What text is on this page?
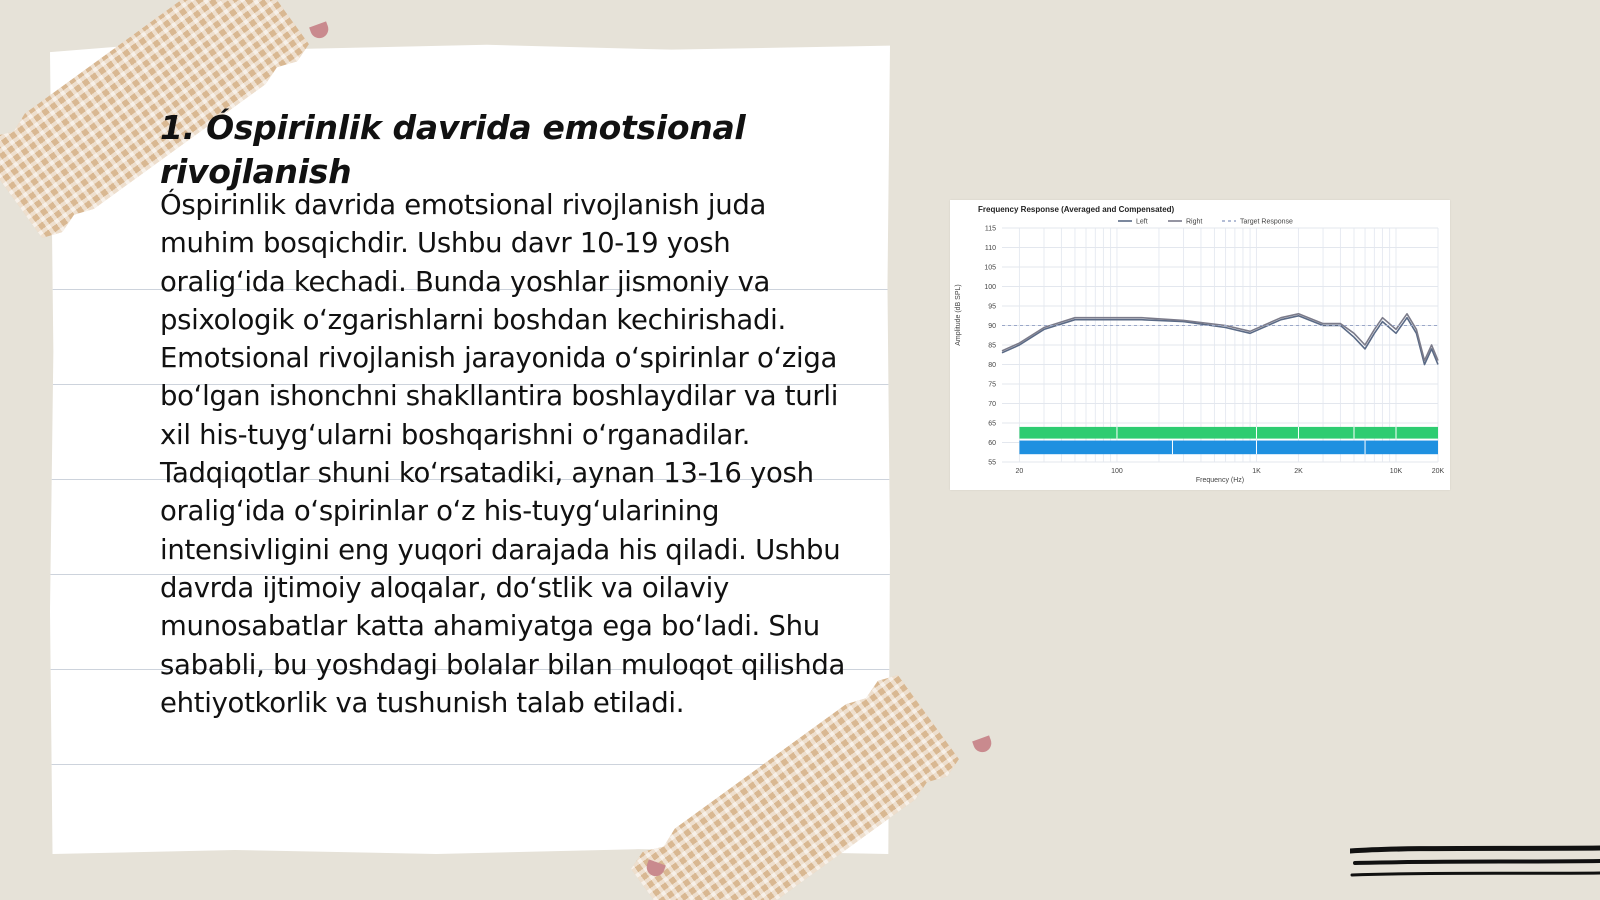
1. Óspirinlik davrida emotsional rivojlanish

Óspirinlik davrida emotsional rivojlanish juda muhim bosqichdir. Ushbu davr 10-19 yosh oraligʻida kechadi. Bunda yoshlar jismoniy va psixologik oʻzgarishlarni boshdan kechirishadi. Emotsional rivojlanish jarayonida oʻspirinlar oʻziga boʻlgan ishonchni shakllantira boshlaydilar va turli xil his-tuygʻularni boshqarishni oʻrganadilar. Tadqiqotlar shuni koʻrsatadiki, aynan 13-16 yosh oraligʻida oʻspirinlar oʻz his-tuygʻularining intensivligini eng yuqori darajada his qiladi. Ushbu davrda ijtimoiy aloqalar, doʻstlik va oilaviy munosabatlar katta ahamiyatga ega boʻladi. Shu sababli, bu yoshdagi bolalar bilan muloqot qilishda ehtiyotkorlik va tushunish talab etiladi.

55
60
65
70
75
80
85
90
95
100
105
110
115
20	100	1K	2K	10K	20K
Frequency Response (Averaged and Compensated)
Left	Right	Target Response
Frequency (Hz)
Amplitude (dB SPL)
